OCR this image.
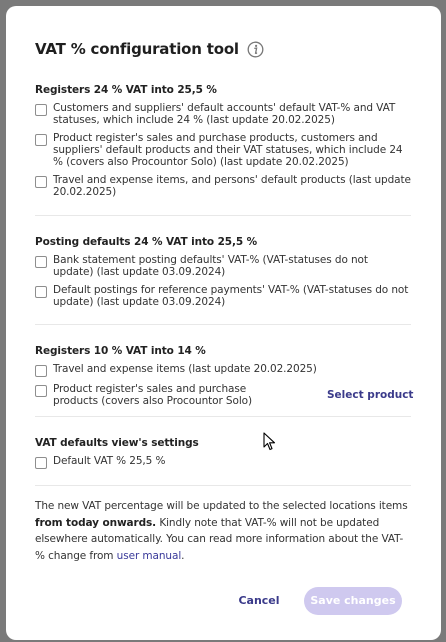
VAT % configuration tool
Registers 24 % VAT into 25,5 %
Customers and suppliers' default accounts' default VAT-% and VAT statuses, which include 24 % (last update 20.02.2025)
Product register's sales and purchase products, customers and suppliers' default products and their VAT statuses, which include 24 % (covers also Procountor Solo) (last update 20.02.2025)
Travel and expense items, and persons' default products (last update 20.02.2025)
Posting defaults 24 % VAT into 25,5 %
Bank statement posting defaults' VAT-% (VAT-statuses do not update) (last update 03.09.2024)
Default postings for reference payments' VAT-% (VAT-statuses do not update) (last update 03.09.2024)
Registers 10 % VAT into 14 %
Travel and expense items (last update 20.02.2025)
Product register's sales and purchase products (covers also Procountor Solo)	Select product
VAT defaults view's settings
Default VAT % 25,5 %
The new VAT percentage will be updated to the selected locations items from today onwards. Kindly note that VAT-% will not be updated elsewhere automatically. You can read more information about the VAT-% change from user manual.
Cancel	Save changes
